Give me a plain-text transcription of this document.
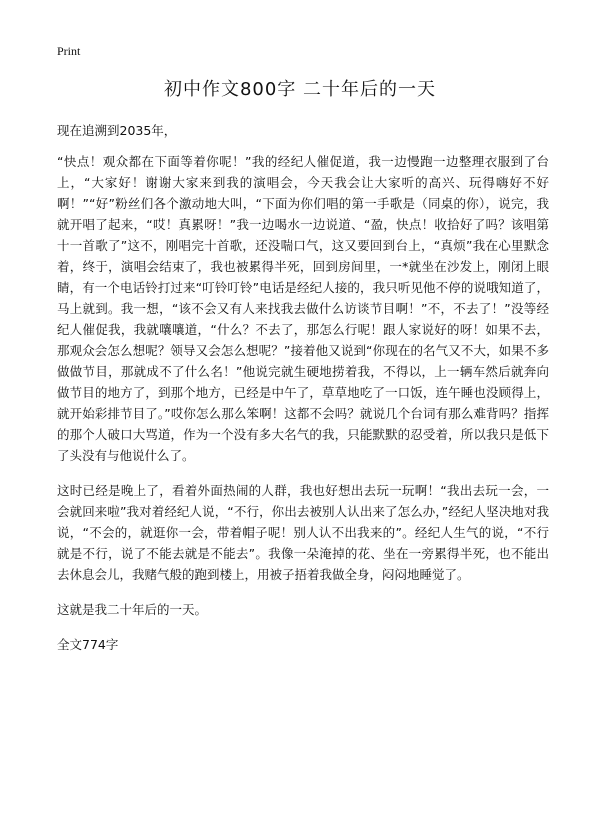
Print
初中作文800字 二十年后的一天

现在追溯到2035年，

“快点！观众都在下面等着你呢！”我的经纪人催促道，我一边慢跑一边整理衣服到了台上，“大家好！谢谢大家来到我的演唱会，今天我会让大家听的高兴、玩得嗨好不好啊！”“好”粉丝们各个激动地大叫，“下面为你们唱的第一手歌是（同桌的你），说完，我就开唱了起来，“哎！真累呀！”我一边喝水一边说道、“盈，快点！收拾好了吗？该唱第十一首歌了”这不，刚唱完十首歌，还没喘口气，这又要回到台上，“真烦”我在心里默念着，终于，演唱会结束了，我也被累得半死，回到房间里，一*就坐在沙发上，刚闭上眼睛，有一个电话铃打过来“叮铃叮铃”电话是经纪人接的，我只听见他不停的说哦知道了，马上就到。我一想，“该不会又有人来找我去做什么访谈节目啊！”不，不去了！”没等经纪人催促我，我就嚷嚷道，“什么？不去了，那怎么行呢！跟人家说好的呀！如果不去，那观众会怎么想呢？领导又会怎么想呢？”接着他又说到“你现在的名气又不大，如果不多做做节目，那就成不了什么名！”他说完就生硬地捞着我，不得以，上一辆车然后就奔向做节目的地方了，到那个地方，已经是中午了，草草地吃了一口饭，连午睡也没顾得上，就开始彩排节目了。”哎你怎么那么笨啊！这都不会吗？就说几个台词有那么难背吗？指挥的那个人破口大骂道，作为一个没有多大名气的我，只能默默的忍受着，所以我只是低下了头没有与他说什么了。

这时已经是晚上了，看着外面热闹的人群，我也好想出去玩一玩啊！“我出去玩一会，一会就回来啦”我对着经纪人说，“不行，你出去被别人认出来了怎么办，”经纪人坚决地对我说，“不会的，就逛你一会，带着帽子呢！别人认不出我来的”。经纪人生气的说，“不行就是不行，说了不能去就是不能去”。我像一朵淹掉的花、坐在一旁累得半死，也不能出去休息会儿，我赌气般的跑到楼上，用被子捂着我做全身，闷闷地睡觉了。

这就是我二十年后的一天。

全文774字
